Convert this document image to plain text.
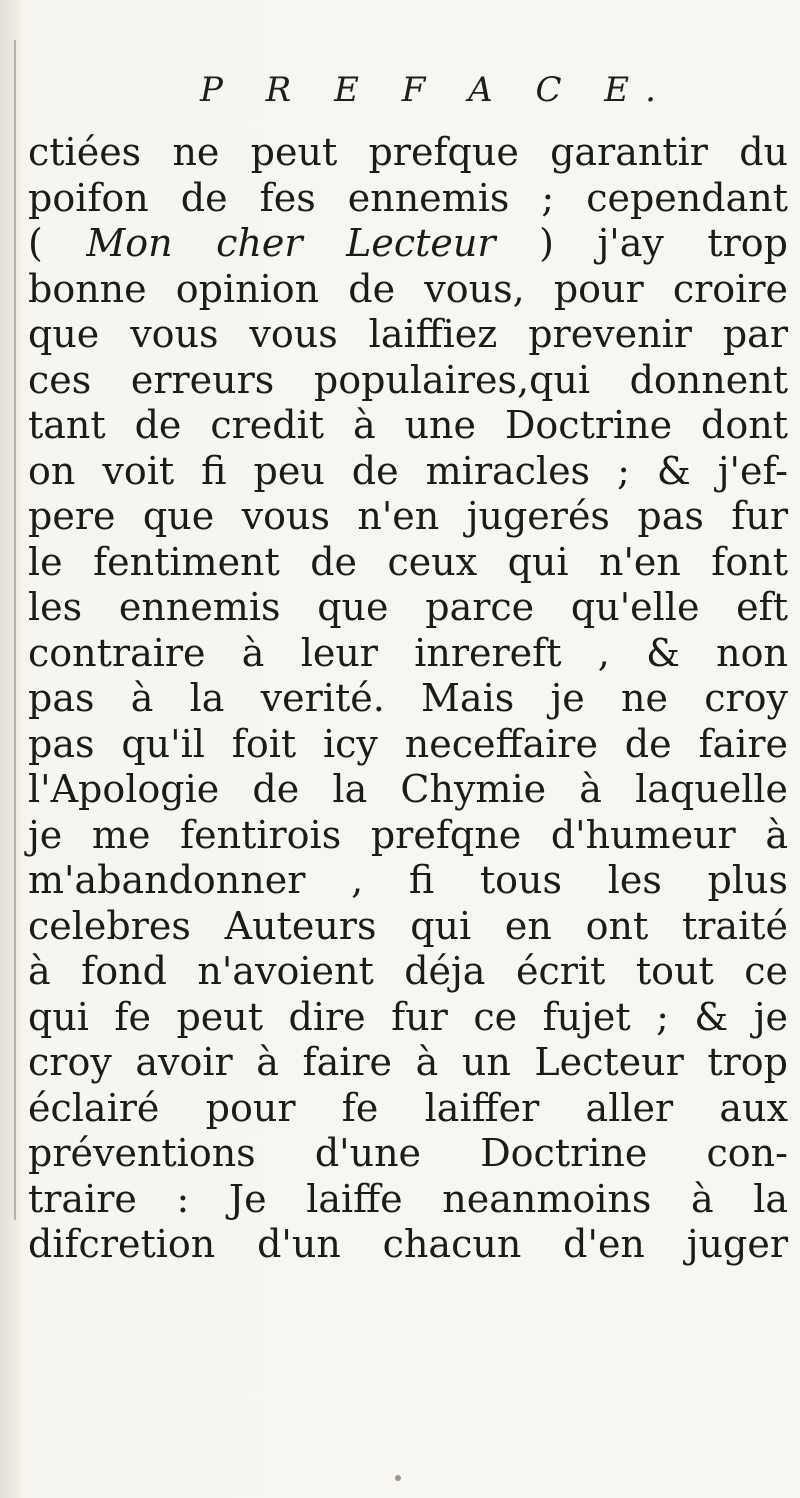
P R E F A C E.
ctiées ne peut prefque garantir du
poifon de fes ennemis ; cependant
( Mon cher Lecteur ) j'ay trop
bonne opinion de vous, pour croire
que vous vous laiffiez prevenir par
ces erreurs populaires,qui donnent
tant de credit à une Doctrine dont
on voit fi peu de miracles ; & j'ef-
pere que vous n'en jugerés pas fur
le fentiment de ceux qui n'en font
les ennemis que parce qu'elle eft
contraire à leur inrereft , & non
pas à la verité. Mais je ne croy
pas qu'il foit icy neceffaire de faire
l'Apologie de la Chymie à laquelle
je me fentirois prefqne d'humeur à
m'abandonner , fi tous les plus
celebres Auteurs qui en ont traité
à fond n'avoient déja écrit tout ce
qui fe peut dire fur ce fujet ; & je
croy avoir à faire à un Lecteur trop
éclairé pour fe laiffer aller aux
préventions d'une Doctrine con-
traire : Je laiffe neanmoins à la
difcretion d'un chacun d'en juger
